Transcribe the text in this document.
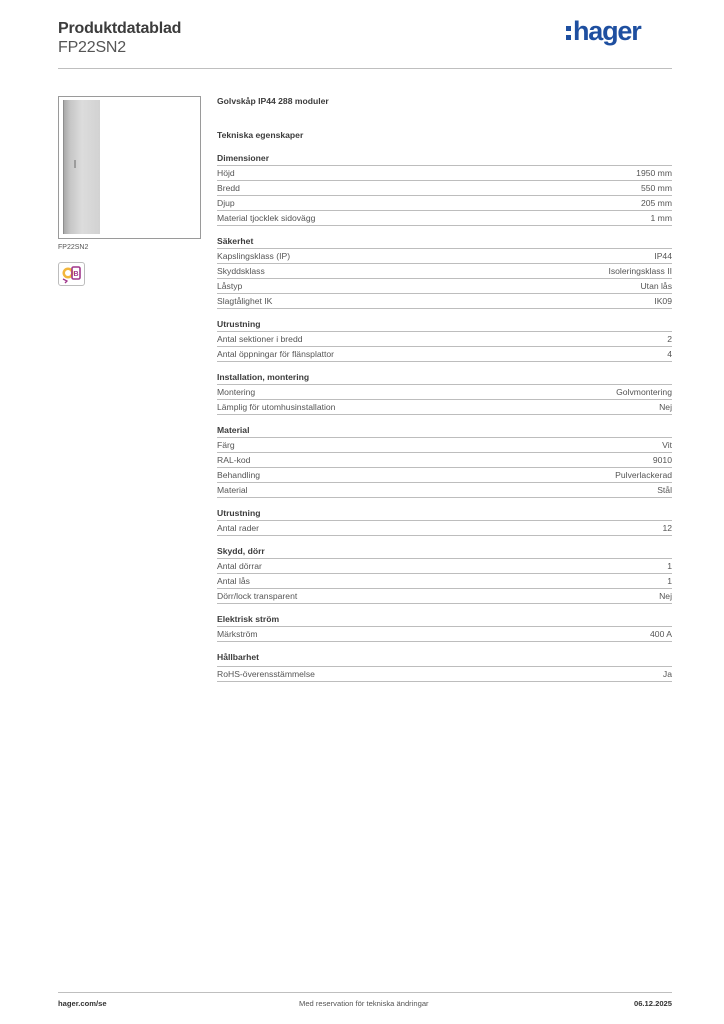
Produktdatablad
FP22SN2
hager
FP22SN2
B
Golvskåp IP44 288 moduler
Tekniska egenskaper
Dimensioner
Höjd	1950 mm
Bredd	550 mm
Djup	205 mm
Material tjocklek sidovägg	1 mm
Säkerhet
Kapslingsklass (IP)	IP44
Skyddsklass	Isoleringsklass II
Låstyp	Utan lås
Slagtålighet IK	IK09
Utrustning
Antal sektioner i bredd	2
Antal öppningar för flänsplattor	4
Installation, montering
Montering	Golvmontering
Lämplig för utomhusinstallation	Nej
Material
Färg	Vit
RAL-kod	9010
Behandling	Pulverlackerad
Material	Stål
Utrustning
Antal rader	12
Skydd, dörr
Antal dörrar	1
Antal lås	1
Dörr/lock transparent	Nej
Elektrisk ström
Märkström	400 A
Hållbarhet
RoHS-överensstämmelse	Ja
hager.com/se	Med reservation för tekniska ändringar	06.12.2025
